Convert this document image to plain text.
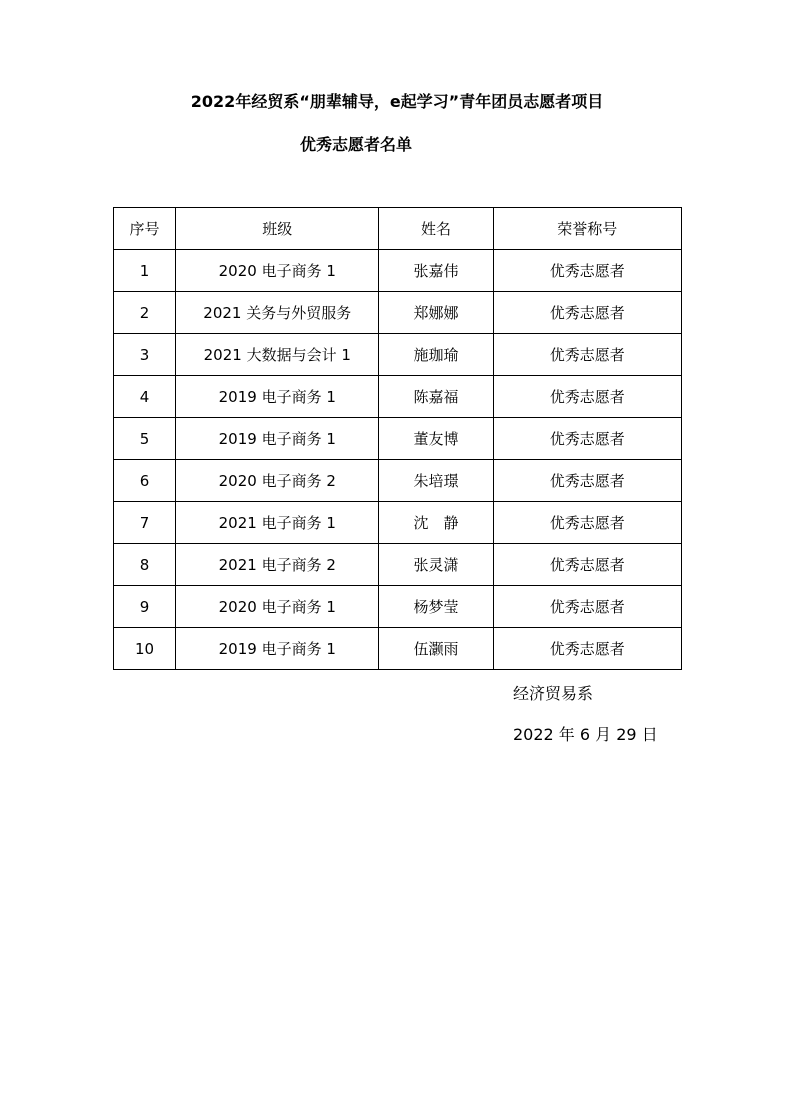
2022年经贸系“朋辈辅导，e起学习”青年团员志愿者项目
优秀志愿者名单
序号	班级	姓名	荣誉称号
1	2020 电子商务 1	张嘉伟	优秀志愿者
2	2021 关务与外贸服务	郑娜娜	优秀志愿者
3	2021 大数据与会计 1	施珈瑜	优秀志愿者
4	2019 电子商务 1	陈嘉福	优秀志愿者
5	2019 电子商务 1	董友博	优秀志愿者
6	2020 电子商务 2	朱培璟	优秀志愿者
7	2021 电子商务 1	沈　静	优秀志愿者
8	2021 电子商务 2	张灵潇	优秀志愿者
9	2020 电子商务 1	杨梦莹	优秀志愿者
10	2019 电子商务 1	伍灏雨	优秀志愿者
经济贸易系
2022 年 6 月 29 日
